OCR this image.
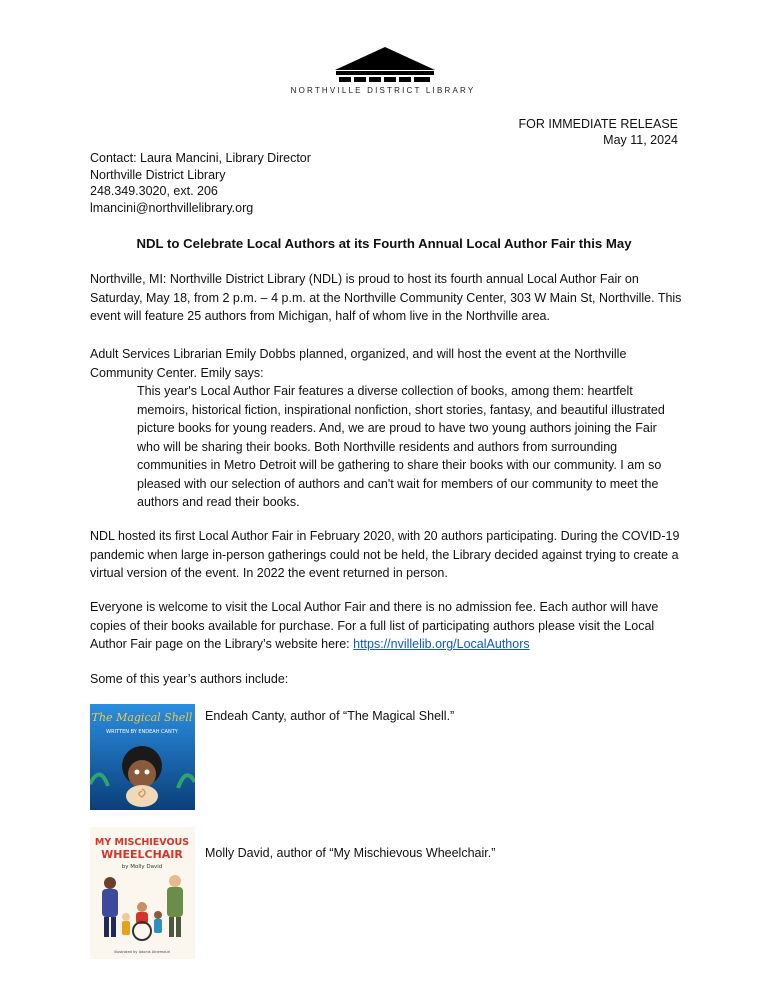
NORTHVILLE DISTRICT LIBRARY
FOR IMMEDIATE RELEASE
May 11, 2024
Contact: Laura Mancini, Library Director
Northville District Library
248.349.3020, ext. 206
lmancini@northvillelibrary.org
NDL to Celebrate Local Authors at its Fourth Annual Local Author Fair this May

Northville, MI: Northville District Library (NDL) is proud to host its fourth annual Local Author Fair on Saturday, May 18, from 2 p.m. – 4 p.m. at the Northville Community Center, 303 W Main St, Northville. This event will feature 25 authors from Michigan, half of whom live in the Northville area.

Adult Services Librarian Emily Dobbs planned, organized, and will host the event at the Northville Community Center. Emily says:

This year's Local Author Fair features a diverse collection of books, among them: heartfelt memoirs, historical fiction, inspirational nonfiction, short stories, fantasy, and beautiful illustrated picture books for young readers. And, we are proud to have two young authors joining the Fair who will be sharing their books. Both Northville residents and authors from surrounding communities in Metro Detroit will be gathering to share their books with our community. I am so pleased with our selection of authors and can't wait for members of our community to meet the authors and read their books.

NDL hosted its first Local Author Fair in February 2020, with 20 authors participating. During the COVID-19 pandemic when large in-person gatherings could not be held, the Library decided against trying to create a virtual version of the event. In 2022 the event returned in person.

Everyone is welcome to visit the Local Author Fair and there is no admission fee. Each author will have copies of their books available for purchase. For a full list of participating authors please visit the Local Author Fair page on the Library’s website here: https://nvillelib.org/LocalAuthors

Some of this year’s authors include:

The Magical Shell
WRITTEN BY ENDEAH CANTY
Endeah Canty, author of “The Magical Shell.”
MY MISCHIEVOUS
WHEELCHAIR
by Molly David
illustrated by Adonis Alnemouri
Molly David, author of “My Mischievous Wheelchair.”
